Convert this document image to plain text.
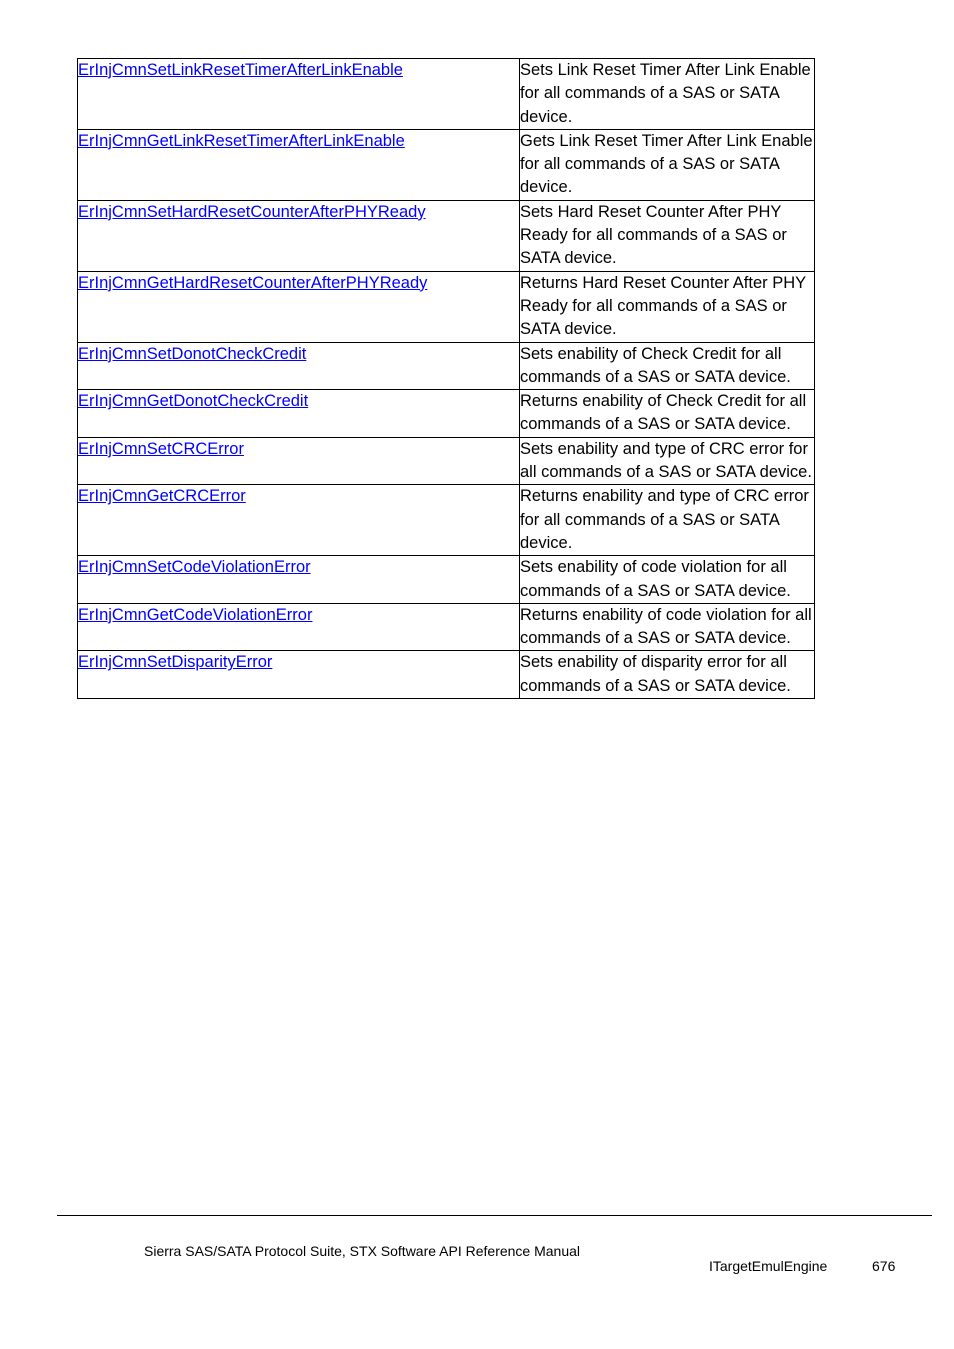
ErInjCmnSetLinkResetTimerAfterLinkEnable	Sets Link Reset Timer After Link Enable for all commands of a SAS or SATA device.

ErInjCmnGetLinkResetTimerAfterLinkEnable	Gets Link Reset Timer After Link Enable for all commands of a SAS or SATA device.

ErInjCmnSetHardResetCounterAfterPHYReady	Sets Hard Reset Counter After PHY Ready for all commands of a SAS or SATA device.

ErInjCmnGetHardResetCounterAfterPHYReady	Returns Hard Reset Counter After PHY Ready for all commands of a SAS or SATA device.

ErInjCmnSetDonotCheckCredit	Sets enability of Check Credit for all commands of a SAS or SATA device.

ErInjCmnGetDonotCheckCredit	Returns enability of Check Credit for all commands of a SAS or SATA device.

ErInjCmnSetCRCError	Sets enability and type of CRC error for all commands of a SAS or SATA device.

ErInjCmnGetCRCError	Returns enability and type of CRC error for all commands of a SAS or SATA device.

ErInjCmnSetCodeViolationError	Sets enability of code violation for all commands of a SAS or SATA device.

ErInjCmnGetCodeViolationError	Returns enability of code violation for all commands of a SAS or SATA device.

ErInjCmnSetDisparityError	Sets enability of disparity error for all commands of a SAS or SATA device.
Sierra SAS/SATA Protocol Suite, STX Software API Reference Manual
ITargetEmulEngine	676
